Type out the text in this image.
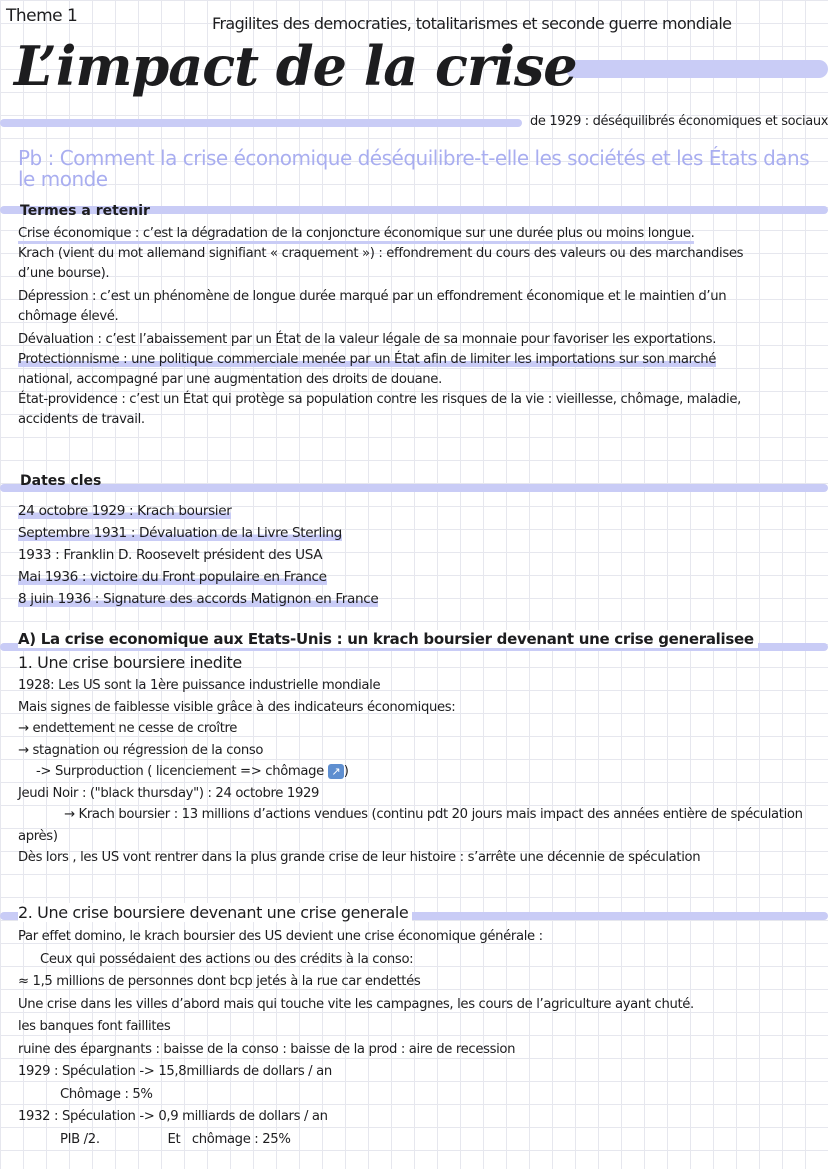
Theme 1	Fragilites des democraties, totalitarismes et seconde guerre mondiale
L’impact de la crise
de 1929 : déséquilibrés économiques et sociaux
Pb : Comment la crise économique déséquilibre-t-elle les sociétés et les États dans
le monde
Termes a retenir
Crise économique : c’est la dégradation de la conjoncture économique sur une durée plus ou moins longue.
Krach (vient du mot allemand signifiant « craquement ») : effondrement du cours des valeurs ou des marchandises
d’une bourse).
Dépression : c’est un phénomène de longue durée marqué par un effondrement économique et le maintien d’un
chômage élevé.
Dévaluation : c’est l’abaissement par un État de la valeur légale de sa monnaie pour favoriser les exportations.
Protectionnisme : une politique commerciale menée par un État afin de limiter les importations sur son marché
national, accompagné par une augmentation des droits de douane.
État-providence : c’est un État qui protège sa population contre les risques de la vie : vieillesse, chômage, maladie,
accidents de travail.
Dates cles
24 octobre 1929 : Krach boursier
Septembre 1931 : Dévaluation de la Livre Sterling
1933 : Franklin D. Roosevelt président des USA
Mai 1936 : victoire du Front populaire en France
8 juin 1936 : Signature des accords Matignon en France
A) La crise economique aux Etats-Unis : un krach boursier devenant une crise generalisee
1. Une crise boursiere inedite
1928: Les US sont la 1ère puissance industrielle mondiale
Mais signes de faiblesse visible grâce à des indicateurs économiques:
→ endettement ne cesse de croître
→ stagnation ou régression de la conso
-> Surproduction ( licenciement => chômage ↗ )
Jeudi Noir : ("black thursday") : 24 octobre 1929
→ Krach boursier : 13 millions d’actions vendues (continu pdt 20 jours mais impact des années entière de spéculation
après)
Dès lors , les US vont rentrer dans la plus grande crise de leur histoire : s’arrête une décennie de spéculation
2. Une crise boursiere devenant une crise generale
Par effet domino, le krach boursier des US devient une crise économique générale :
Ceux qui possédaient des actions ou des crédits à la conso:
≈ 1,5 millions de personnes dont bcp jetés à la rue car endettés
Une crise dans les villes d’abord mais qui touche vite les campagnes, les cours de l’agriculture ayant chuté.
les banques font faillites
ruine des épargnants : baisse de la conso : baisse de la prod : aire de recession
1929 : Spéculation -> 15,8milliards de dollars / an
Chômage : 5%
1932 : Spéculation -> 0,9 milliards de dollars / an
PIB /2.	Et   chômage : 25%
